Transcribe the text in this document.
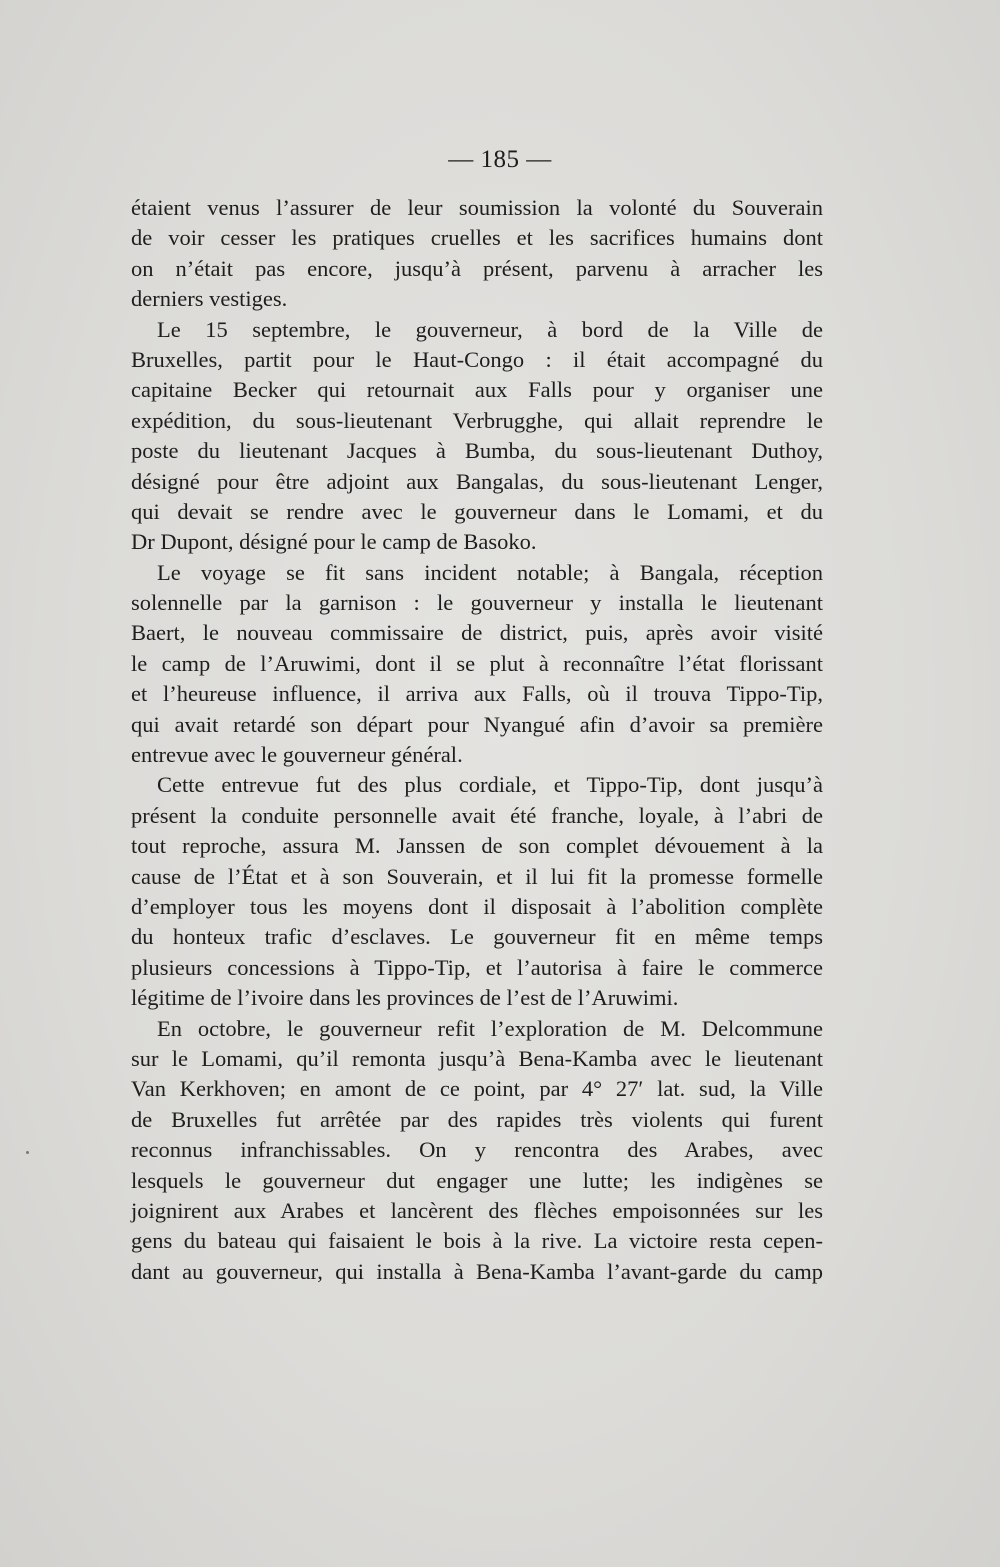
— 185 —
étaient venus l’assurer de leur soumission la volonté du Souverain
de voir cesser les pratiques cruelles et les sacrifices humains dont
on n’était pas encore, jusqu’à présent, parvenu à arracher les
derniers vestiges.
Le 15 septembre, le gouverneur, à bord de la Ville de
Bruxelles, partit pour le Haut-Congo : il était accompagné du
capitaine Becker qui retournait aux Falls pour y organiser une
expédition, du sous-lieutenant Verbrugghe, qui allait reprendre le
poste du lieutenant Jacques à Bumba, du sous-lieutenant Duthoy,
désigné pour être adjoint aux Bangalas, du sous-lieutenant Lenger,
qui devait se rendre avec le gouverneur dans le Lomami, et du
Dr Dupont, désigné pour le camp de Basoko.
Le voyage se fit sans incident notable; à Bangala, réception
solennelle par la garnison : le gouverneur y installa le lieutenant
Baert, le nouveau commissaire de district, puis, après avoir visité
le camp de l’Aruwimi, dont il se plut à reconnaître l’état florissant
et l’heureuse influence, il arriva aux Falls, où il trouva Tippo-Tip,
qui avait retardé son départ pour Nyangué afin d’avoir sa première
entrevue avec le gouverneur général.
Cette entrevue fut des plus cordiale, et Tippo-Tip, dont jusqu’à
présent la conduite personnelle avait été franche, loyale, à l’abri de
tout reproche, assura M. Janssen de son complet dévouement à la
cause de l’État et à son Souverain, et il lui fit la promesse formelle
d’employer tous les moyens dont il disposait à l’abolition complète
du honteux trafic d’esclaves. Le gouverneur fit en même temps
plusieurs concessions à Tippo-Tip, et l’autorisa à faire le commerce
légitime de l’ivoire dans les provinces de l’est de l’Aruwimi.
En octobre, le gouverneur refit l’exploration de M. Delcommune
sur le Lomami, qu’il remonta jusqu’à Bena-Kamba avec le lieutenant
Van Kerkhoven; en amont de ce point, par 4° 27′ lat. sud, la Ville
de Bruxelles fut arrêtée par des rapides très violents qui furent
reconnus infranchissables. On y rencontra des Arabes, avec
lesquels le gouverneur dut engager une lutte; les indigènes se
joignirent aux Arabes et lancèrent des flèches empoisonnées sur les
gens du bateau qui faisaient le bois à la rive. La victoire resta cepen-
dant au gouverneur, qui installa à Bena-Kamba l’avant-garde du camp
